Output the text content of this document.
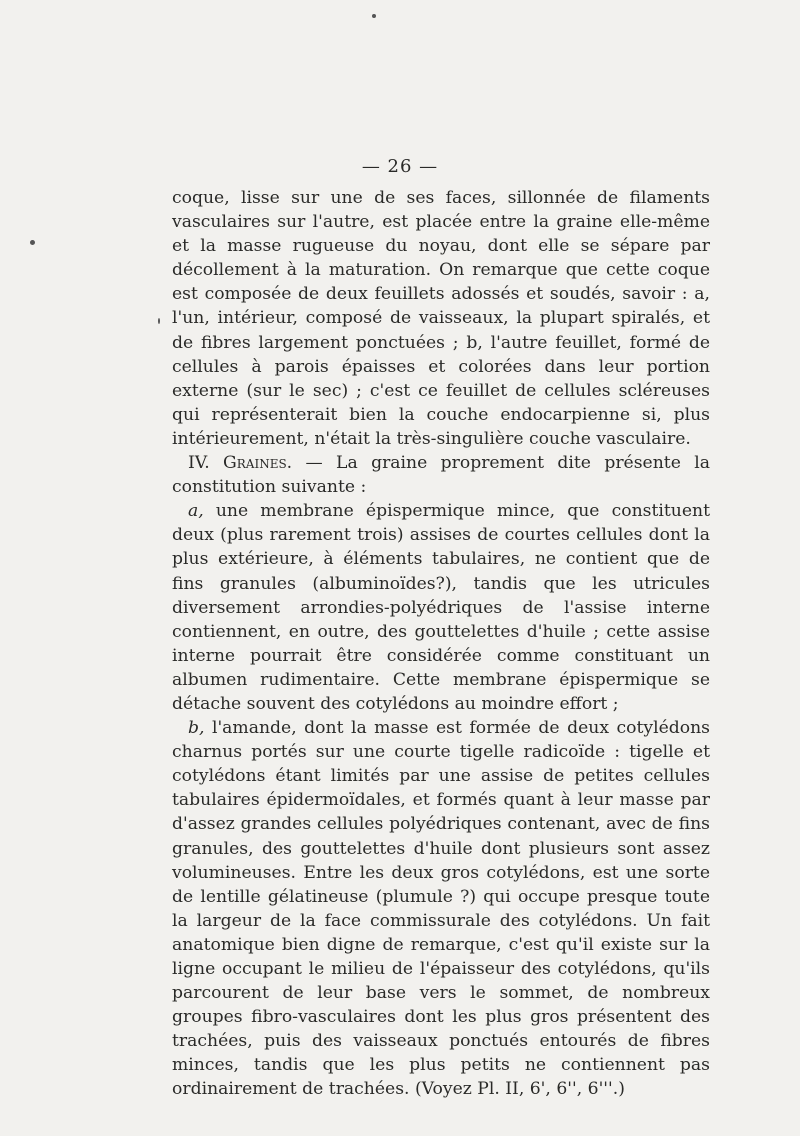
— 26 —

coque, lisse sur une de ses faces, sillonnée de filaments vasculaires sur l'autre, est placée entre la graine elle-même et la masse rugueuse du noyau, dont elle se sépare par décollement à la maturation. On remarque que cette coque est composée de deux feuillets adossés et soudés, savoir : a, l'un, intérieur, composé de vaisseaux, la plupart spiralés, et de fibres largement ponctuées ; b, l'autre feuillet, formé de cellules à parois épaisses et colorées dans leur portion externe (sur le sec) ; c'est ce feuillet de cellules scléreuses qui représenterait bien la couche endocarpienne si, plus intérieurement, n'était la très-singulière couche vasculaire.

IV. Graines. — La graine proprement dite présente la constitution suivante :

a, une membrane épispermique mince, que constituent deux (plus rarement trois) assises de courtes cellules dont la plus extérieure, à éléments tabulaires, ne contient que de fins granules (albuminoïdes?), tandis que les utricules diversement arrondies-polyédriques de l'assise interne contiennent, en outre, des gouttelettes d'huile ; cette assise interne pourrait être considérée comme constituant un albumen rudimentaire. Cette membrane épispermique se détache souvent des cotylédons au moindre effort ;

b, l'amande, dont la masse est formée de deux cotylédons charnus portés sur une courte tigelle radicoïde : tigelle et cotylédons étant limités par une assise de petites cellules tabulaires épidermoïdales, et formés quant à leur masse par d'assez grandes cellules polyédriques contenant, avec de fins granules, des gouttelettes d'huile dont plusieurs sont assez volumineuses. Entre les deux gros cotylédons, est une sorte de lentille gélatineuse (plumule ?) qui occupe presque toute la largeur de la face commissurale des cotylédons. Un fait anatomique bien digne de remarque, c'est qu'il existe sur la ligne occupant le milieu de l'épaisseur des cotylédons, qu'ils parcourent de leur base vers le sommet, de nombreux groupes fibro-vasculaires dont les plus gros présentent des trachées, puis des vaisseaux ponctués entourés de fibres minces, tandis que les plus petits ne contiennent pas ordinairement de trachées. (Voyez Pl. II, 6', 6'', 6'''.)
